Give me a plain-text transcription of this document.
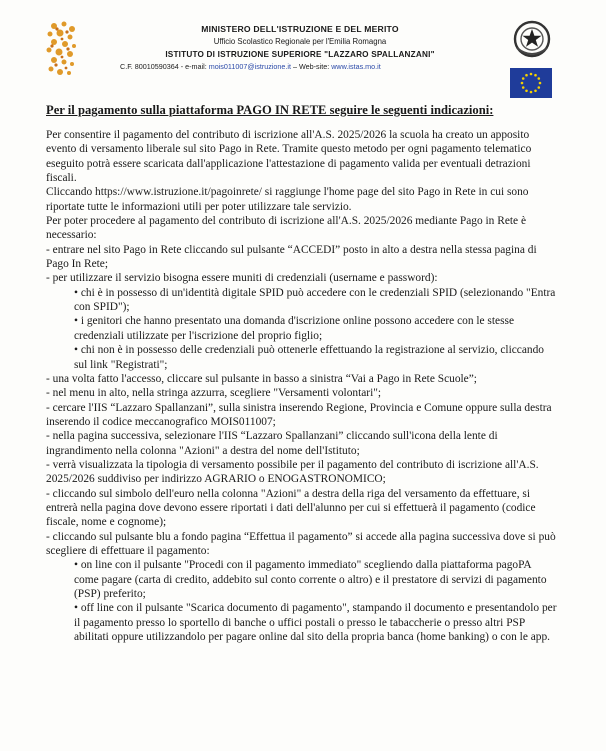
MINISTERO DELL'ISTRUZIONE E DEL MERITO
Ufficio Scolastico Regionale per l'Emilia Romagna
ISTITUTO DI ISTRUZIONE SUPERIORE "LAZZARO SPALLANZANI"
C.F. 80010590364 - e-mail: mois011007@istruzione.it – Web-site: www.istas.mo.it
Per il pagamento sulla piattaforma PAGO IN RETE seguire le seguenti indicazioni:

Per consentire il pagamento del contributo di iscrizione all'A.S. 2025/2026 la scuola ha creato un apposito evento di versamento liberale sul sito Pago in Rete. Tramite questo metodo per ogni pagamento telematico eseguito potrà essere scaricata dall'applicazione l'attestazione di pagamento valida per eventuali detrazioni fiscali.

Cliccando https://www.istruzione.it/pagoinrete/ si raggiunge l'home page del sito Pago in Rete in cui sono riportate tutte le informazioni utili per poter utilizzare tale servizio.

Per poter procedere al pagamento del contributo di iscrizione all'A.S. 2025/2026 mediante Pago in Rete è necessario:

- entrare nel sito Pago in Rete cliccando sul pulsante “ACCEDI” posto in alto a destra nella stessa pagina di Pago In Rete;

- per utilizzare il servizio bisogna essere muniti di credenziali (username e password):

• chi è in possesso di un'identità digitale SPID può accedere con le credenziali SPID (selezionando "Entra con SPID");

• i genitori che hanno presentato una domanda d'iscrizione online possono accedere con le stesse credenziali utilizzate per l'iscrizione del proprio figlio;

• chi non è in possesso delle credenziali può ottenerle effettuando la registrazione al servizio, cliccando sul link "Registrati";

- una volta fatto l'accesso, cliccare sul pulsante in basso a sinistra “Vai a Pago in Rete Scuole”;

- nel menu in alto, nella stringa azzurra, scegliere "Versamenti volontari";

- cercare l'IIS “Lazzaro Spallanzani”, sulla sinistra inserendo Regione, Provincia e Comune oppure sulla destra inserendo il codice meccanografico MOIS011007;

- nella pagina successiva, selezionare l'IIS “Lazzaro Spallanzani” cliccando sull'icona della lente di ingrandimento nella colonna "Azioni" a destra del nome dell'Istituto;

- verrà visualizzata la tipologia di versamento possibile per il pagamento del contributo di iscrizione all'A.S. 2025/2026 suddiviso per indirizzo AGRARIO o ENOGASTRONOMICO;

- cliccando sul simbolo dell'euro nella colonna "Azioni" a destra della riga del versamento da effettuare, si entrerà nella pagina dove devono essere riportati i dati dell'alunno per cui si effettuerà il pagamento (codice fiscale, nome e cognome);

- cliccando sul pulsante blu a fondo pagina “Effettua il pagamento” si accede alla pagina successiva dove si può scegliere di effettuare il pagamento:

• on line con il pulsante "Procedi con il pagamento immediato" scegliendo dalla piattaforma pagoPA come pagare (carta di credito, addebito sul conto corrente o altro) e il prestatore di servizi di pagamento (PSP) preferito;

• off line con il pulsante "Scarica documento di pagamento", stampando il documento e presentandolo per il pagamento presso lo sportello di banche o uffici postali o presso le tabaccherie o presso altri PSP abilitati oppure utilizzandolo per pagare online dal sito della propria banca (home banking) o con le app.
